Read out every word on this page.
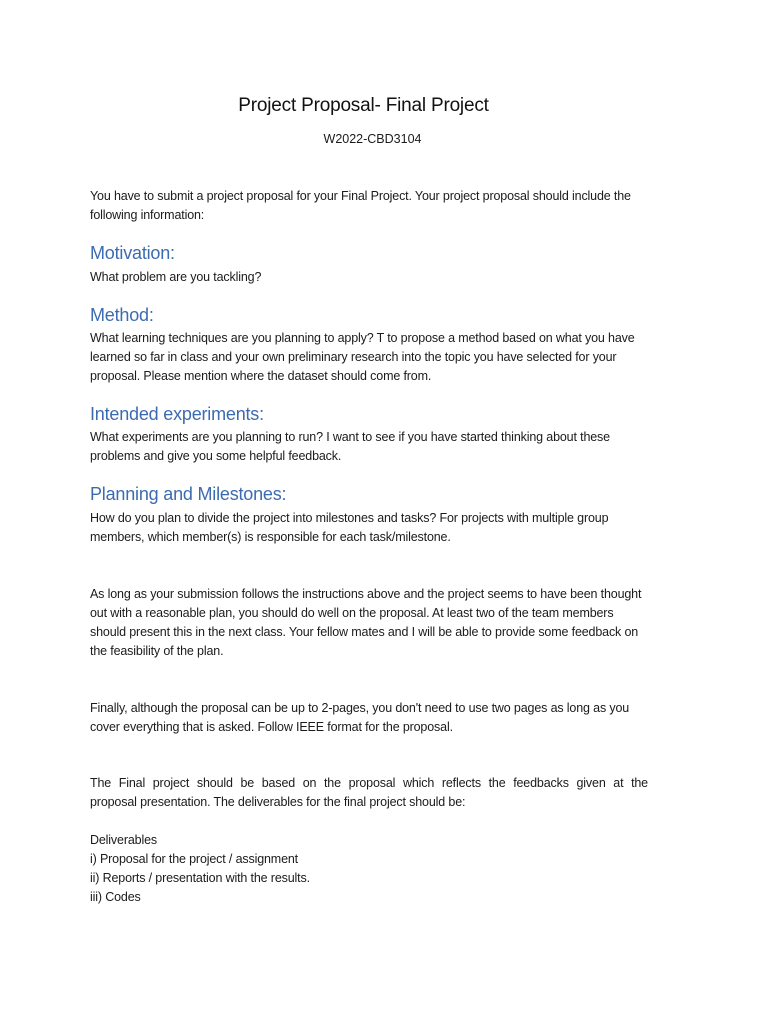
Project Proposal- Final Project
W2022-CBD3104
You have to submit a project proposal for your Final Project. Your project proposal should include the
following information:
Motivation:
What problem are you tackling?
Method:
What learning techniques are you planning to apply? T to propose a method based on what you have
learned so far in class and your own preliminary research into the topic you have selected for your
proposal. Please mention where the dataset should come from.
Intended experiments:
What experiments are you planning to run? I want to see if you have started thinking about these
problems and give you some helpful feedback.
Planning and Milestones:
How do you plan to divide the project into milestones and tasks? For projects with multiple group
members, which member(s) is responsible for each task/milestone.
As long as your submission follows the instructions above and the project seems to have been thought
out with a reasonable plan, you should do well on the proposal. At least two of the team members
should present this in the next class. Your fellow mates and I will be able to provide some feedback on
the feasibility of the plan.
Finally, although the proposal can be up to 2-pages, you don't need to use two pages as long as you
cover everything that is asked. Follow IEEE format for the proposal.
The Final project should be based on the proposal which reflects the feedbacks given at the
proposal presentation. The deliverables for the final project should be:
Deliverables
i) Proposal for the project / assignment
ii) Reports / presentation with the results.
iii) Codes
